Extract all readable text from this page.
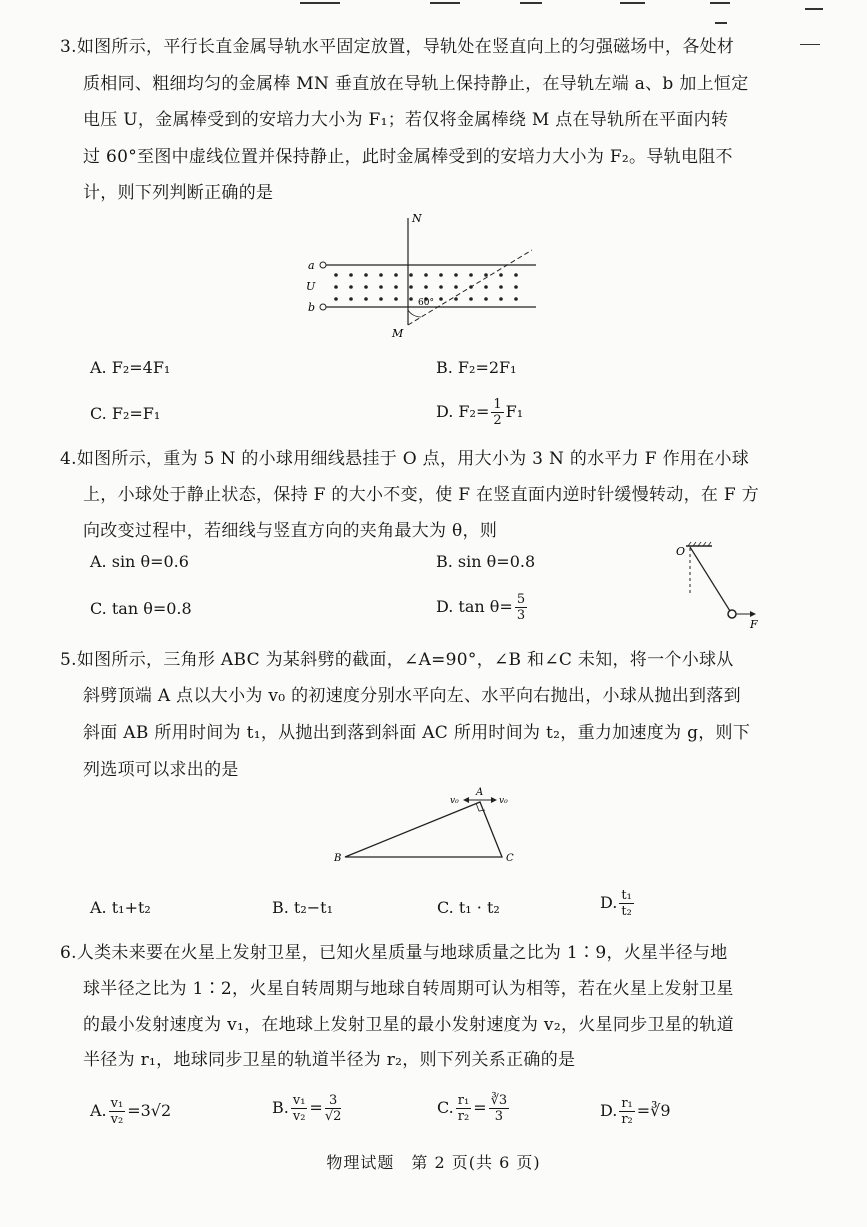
3.如图所示，平行长直金属导轨水平固定放置，导轨处在竖直向上的匀强磁场中，各处材
质相同、粗细均匀的金属棒 MN 垂直放在导轨上保持静止，在导轨左端 a、b 加上恒定
电压 U，金属棒受到的安培力大小为 F₁；若仅将金属棒绕 M 点在导轨所在平面内转
过 60°至图中虚线位置并保持静止，此时金属棒受到的安培力大小为 F₂。导轨电阻不
计，则下列判断正确的是
N
M
a
b
U
60°
A. F₂=4F₁	B. F₂=2F₁
C. F₂=F₁	D. $F_2= \frac{1}{2} F_1$
4.如图所示，重为 5 N 的小球用细线悬挂于 O 点，用大小为 3 N 的水平力 F 作用在小球
上，小球处于静止状态，保持 F 的大小不变，使 F 在竖直面内逆时针缓慢转动，在 F 方
向改变过程中，若细线与竖直方向的夹角最大为 θ，则
A. sin θ=0.6	B. sin θ=0.8
C. tan θ=0.8	D. $\tan \theta= \frac{5}{3}$
O
F
5.如图所示，三角形 ABC 为某斜劈的截面，∠A=90°，∠B 和∠C 未知，将一个小球从
斜劈顶端 A 点以大小为 v₀ 的初速度分别水平向左、水平向右抛出，小球从抛出到落到
斜面 AB 所用时间为 t₁，从抛出到落到斜面 AC 所用时间为 t₂，重力加速度为 g，则下
列选项可以求出的是
A
B	C
v₀	v₀
A. t₁+t₂	B. t₂−t₁	C. t₁ · t₂	D. $\frac{\text{t₁}}{\text{t₂}}$
6.人类未来要在火星上发射卫星，已知火星质量与地球质量之比为 1∶9，火星半径与地
球半径之比为 1∶2，火星自转周期与地球自转周期可认为相等，若在火星上发射卫星
的最小发射速度为 v₁，在地球上发射卫星的最小发射速度为 v₂，火星同步卫星的轨道
半径为 r₁，地球同步卫星的轨道半径为 r₂，则下列关系正确的是
A. $\frac{\text{v₁}}{\text{v₂}} =3√2$	B. $\frac{\text{v₁}}{\text{v₂}} = \frac{3}{√2}$	C. $\frac{\text{r₁}}{\text{r₂}} = \frac{∛3}{3}$	D. $\frac{\text{r₁}}{\text{r₂}}$ =∛9
物理试题　第 2 页(共 6 页)
